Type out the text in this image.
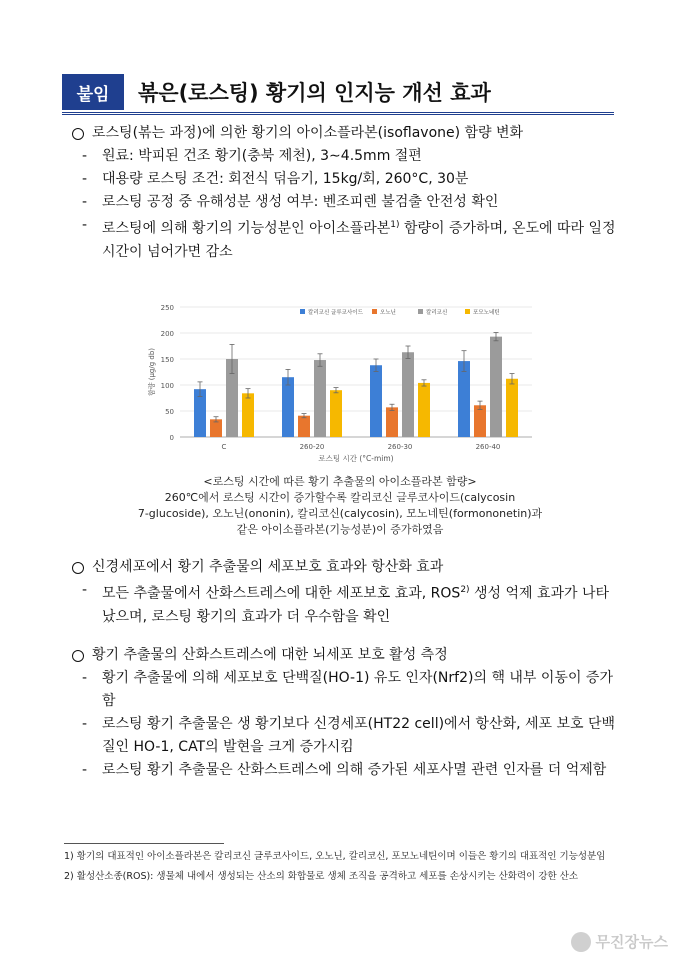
붙임	볶은(로스팅) 황기의 인지능 개선 효과
로스팅(볶는 과정)에 의한 황기의 아이소플라본(isoflavone) 함량 변화
-	원료: 박피된 건조 황기(충북 제천), 3∼4.5mm 절편
-	대용량 로스팅 조건: 회전식 덖음기, 15kg/회, 260°C, 30분
-	로스팅 공정 중 유해성분 생성 여부: 벤조피렌 불검출 안전성 확인
-	로스팅에 의해 황기의 기능성분인 아이소플라본$^{1)}$ 함량이 증가하며, 온도에 따라 일정 시간이 넘어가면 감소
0
50
100
150
200
250
함량 (µg/g db)
C	260-20	260-30	260-40
로스팅 시간 (°C-mim)
칼리코신 글루코사이드	오노닌	칼리코신	포모노네틴
<로스팅 시간에 따른 황기 추출물의 아이소플라본 함량>
260℃에서 로스팅 시간이 증가할수록 칼리코신 글루코사이드(calycosin
7-glucoside), 오노닌(ononin), 칼리코신(calycosin), 모노네틴(formononetin)과
같은 아이소플라본(기능성분)이 증가하였음
신경세포에서 황기 추출물의 세포보호 효과와 항산화 효과
-	모든 추출물에서 산화스트레스에 대한 세포보호 효과, ROS$^{2)}$ 생성 억제 효과가 나타났으며, 로스팅 황기의 효과가 더 우수함을 확인
황기 추출물의 산화스트레스에 대한 뇌세포 보호 활성 측정
-	황기 추출물에 의해 세포보호 단백질(HO-1) 유도 인자(Nrf2)의 핵 내부 이동이 증가함
-	로스팅 황기 추출물은 생 황기보다 신경세포(HT22 cell)에서 항산화, 세포 보호 단백질인 HO-1, CAT의 발현을 크게 증가시킴
-	로스팅 황기 추출물은 산화스트레스에 의해 증가된 세포사멸 관련 인자를 더 억제함
1) 황기의 대표적인 아이소플라본은 칼리코신 글루코사이드, 오노닌, 칼리코신, 포모노네틴이며 이들은 황기의 대표적인 기능성분임
2) 활성산소종(ROS): 생물체 내에서 생성되는 산소의 화합물로 생체 조직을 공격하고 세포를 손상시키는 산화력이 강한 산소
무진장뉴스
